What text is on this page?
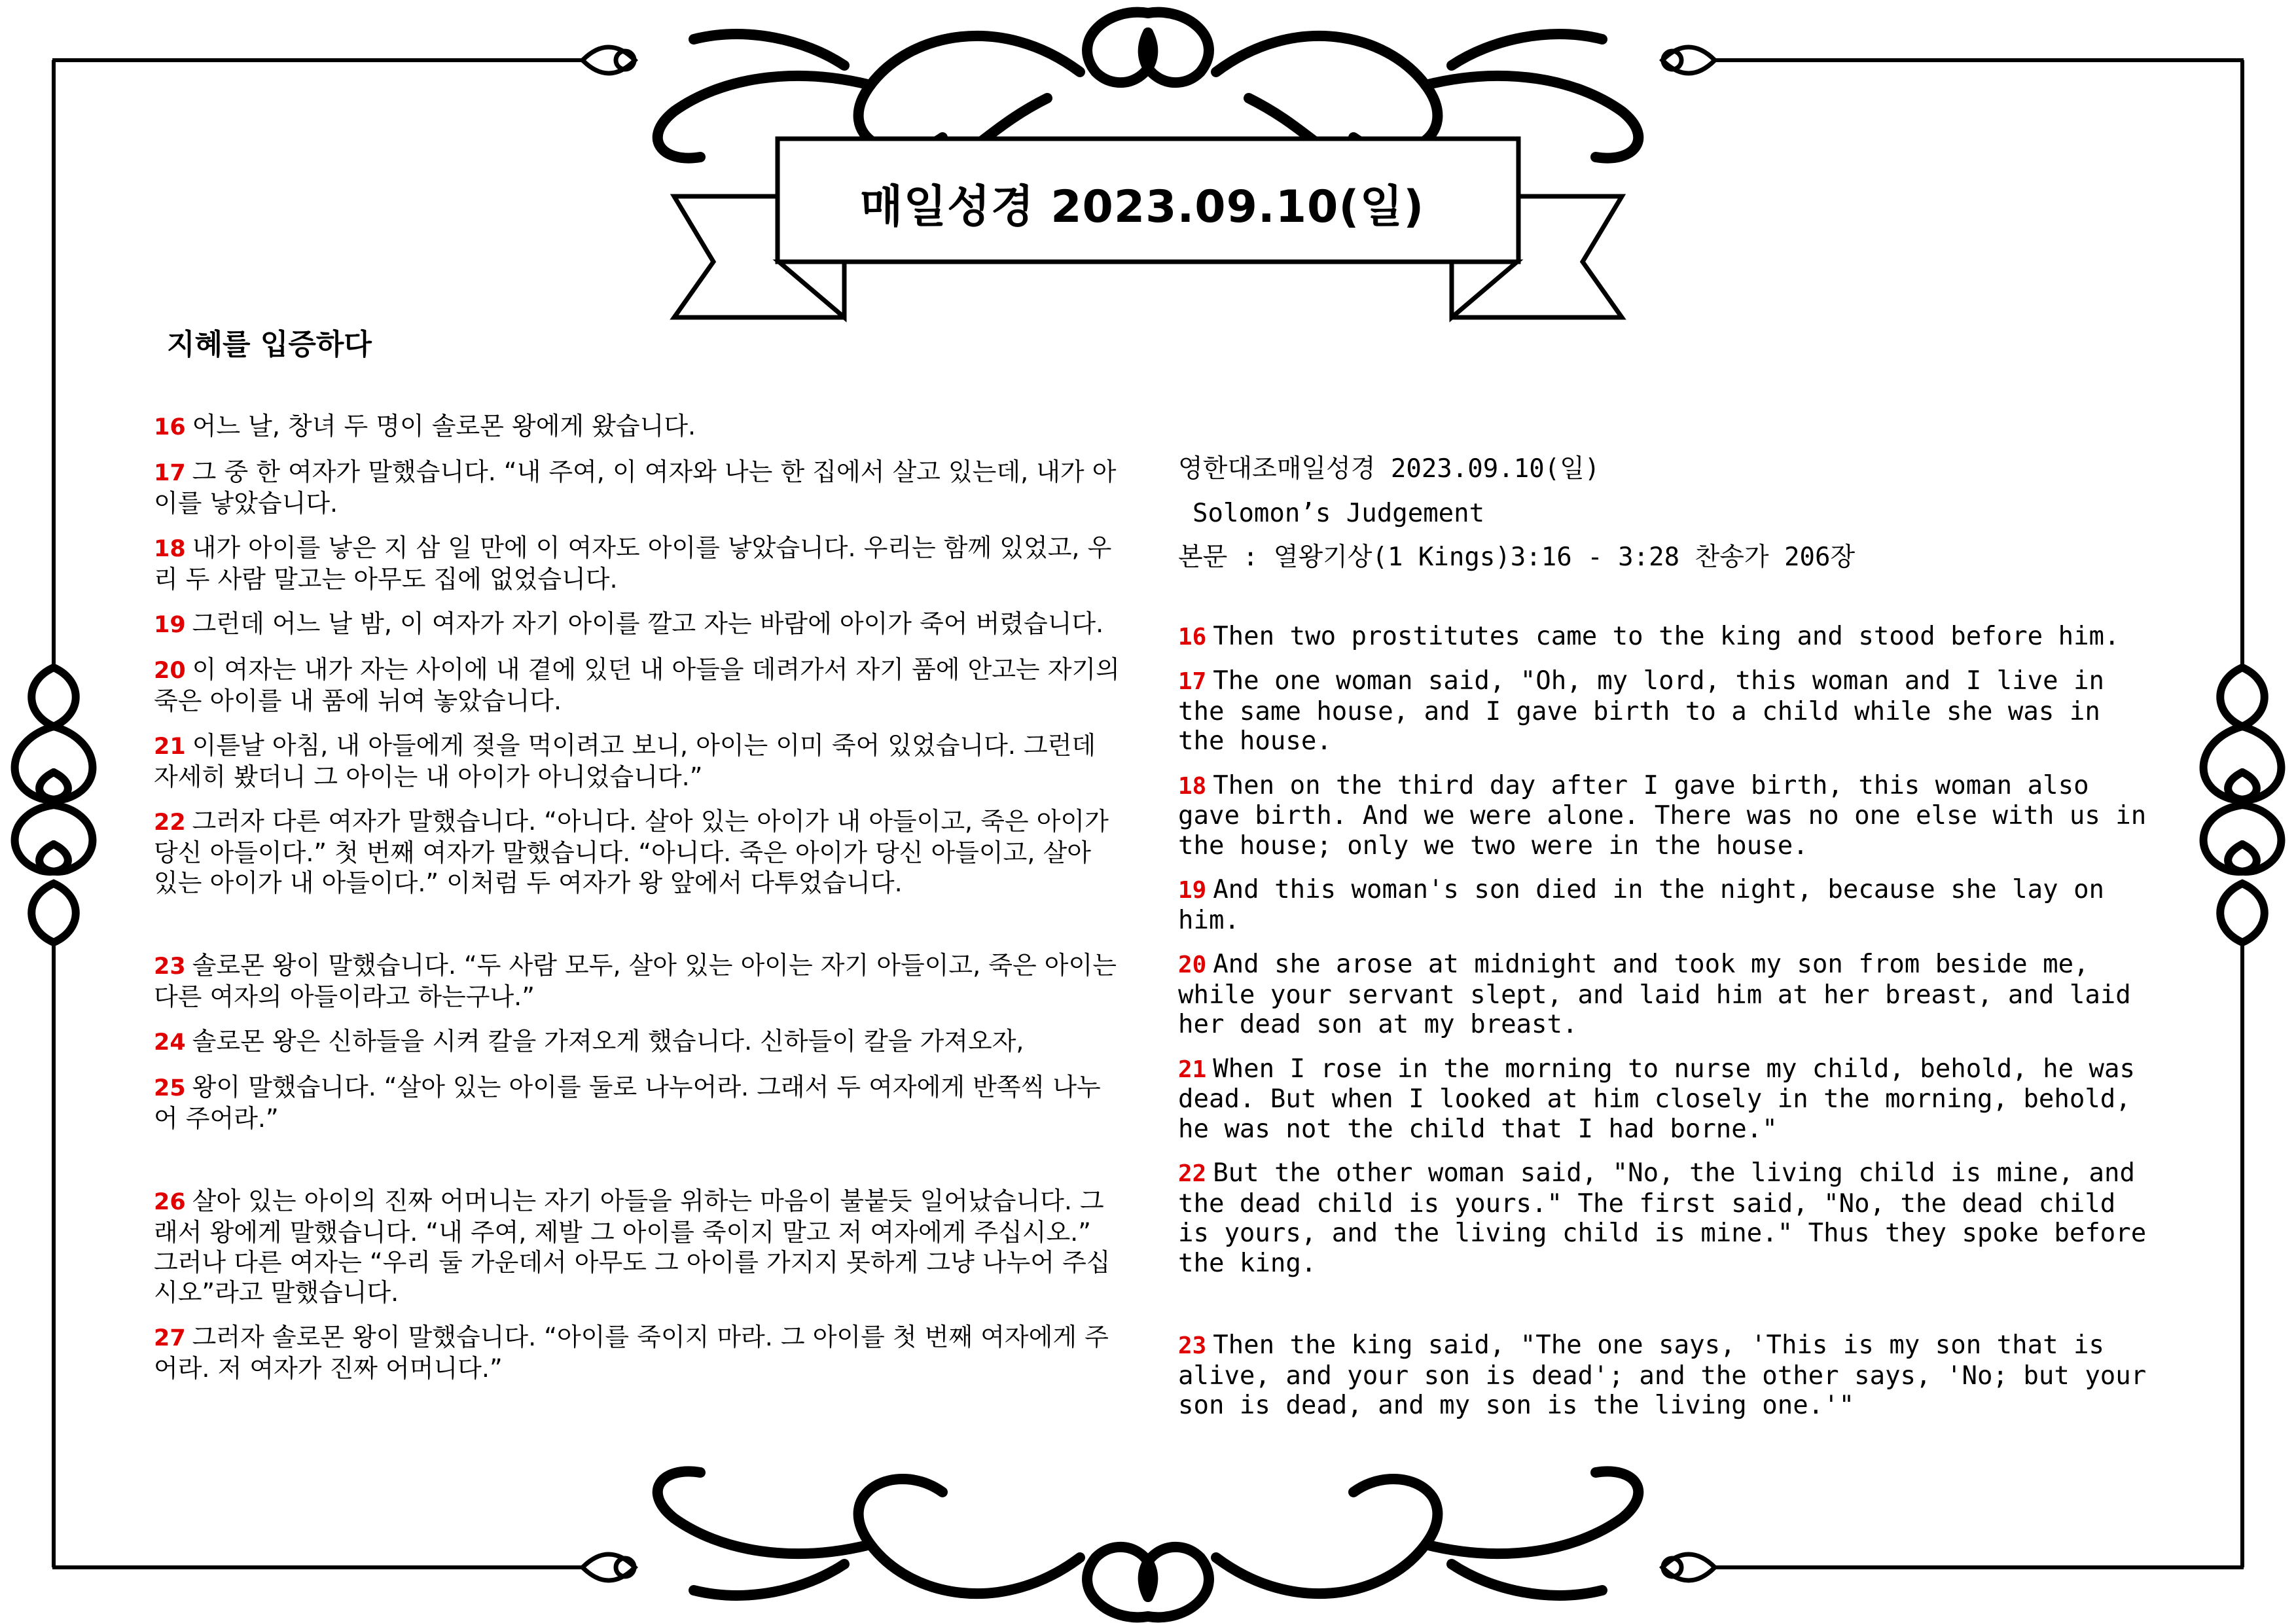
매일성경 2023.09.10(일)
지혜를 입증하다

16 어느 날, 창녀 두 명이 솔로몬 왕에게 왔습니다.

17 그 중 한 여자가 말했습니다. “내 주여, 이 여자와 나는 한 집에서 살고 있는데, 내가 아이를 낳았습니다.

18 내가 아이를 낳은 지 삼 일 만에 이 여자도 아이를 낳았습니다. 우리는 함께 있었고, 우리 두 사람 말고는 아무도 집에 없었습니다.

19 그런데 어느 날 밤, 이 여자가 자기 아이를 깔고 자는 바람에 아이가 죽어 버렸습니다.

20 이 여자는 내가 자는 사이에 내 곁에 있던 내 아들을 데려가서 자기 품에 안고는 자기의 죽은 아이를 내 품에 뉘여 놓았습니다.

21 이튿날 아침, 내 아들에게 젖을 먹이려고 보니, 아이는 이미 죽어 있었습니다. 그런데 자세히 봤더니 그 아이는 내 아이가 아니었습니다.”

22 그러자 다른 여자가 말했습니다. “아니다. 살아 있는 아이가 내 아들이고, 죽은 아이가 당신 아들이다.” 첫 번째 여자가 말했습니다. “아니다. 죽은 아이가 당신 아들이고, 살아 있는 아이가 내 아들이다.” 이처럼 두 여자가 왕 앞에서 다투었습니다.

23 솔로몬 왕이 말했습니다. “두 사람 모두, 살아 있는 아이는 자기 아들이고, 죽은 아이는 다른 여자의 아들이라고 하는구나.”

24 솔로몬 왕은 신하들을 시켜 칼을 가져오게 했습니다. 신하들이 칼을 가져오자,

25 왕이 말했습니다. “살아 있는 아이를 둘로 나누어라. 그래서 두 여자에게 반쪽씩 나누어 주어라.”

26 살아 있는 아이의 진짜 어머니는 자기 아들을 위하는 마음이 불붙듯 일어났습니다. 그래서 왕에게 말했습니다. “내 주여, 제발 그 아이를 죽이지 말고 저 여자에게 주십시오.” 그러나 다른 여자는 “우리 둘 가운데서 아무도 그 아이를 가지지 못하게 그냥 나누어 주십시오”라고 말했습니다.

27 그러자 솔로몬 왕이 말했습니다. “아이를 죽이지 마라. 그 아이를 첫 번째 여자에게 주어라. 저 여자가 진짜 어머니다.”

영한대조매일성경 2023.09.10(일)
Solomon’s Judgement
본문 : 열왕기상(1 Kings)3:16 - 3:28 찬송가 206장

16 Then two prostitutes came to the king and stood before him.

17 The one woman said, "Oh, my lord, this woman and I live in the same house, and I gave birth to a child while she was in the house.

18 Then on the third day after I gave birth, this woman also gave birth. And we were alone. There was no one else with us in the house; only we two were in the house.

19 And this woman's son died in the night, because she lay on him.

20 And she arose at midnight and took my son from beside me, while your servant slept, and laid him at her breast, and laid her dead son at my breast.

21 When I rose in the morning to nurse my child, behold, he was dead. But when I looked at him closely in the morning, behold, he was not the child that I had borne."

22 But the other woman said, "No, the living child is mine, and the dead child is yours." The first said, "No, the dead child is yours, and the living child is mine." Thus they spoke before the king.

23 Then the king said, "The one says, 'This is my son that is alive, and your son is dead'; and the other says, 'No; but your son is dead, and my son is the living one.'"
